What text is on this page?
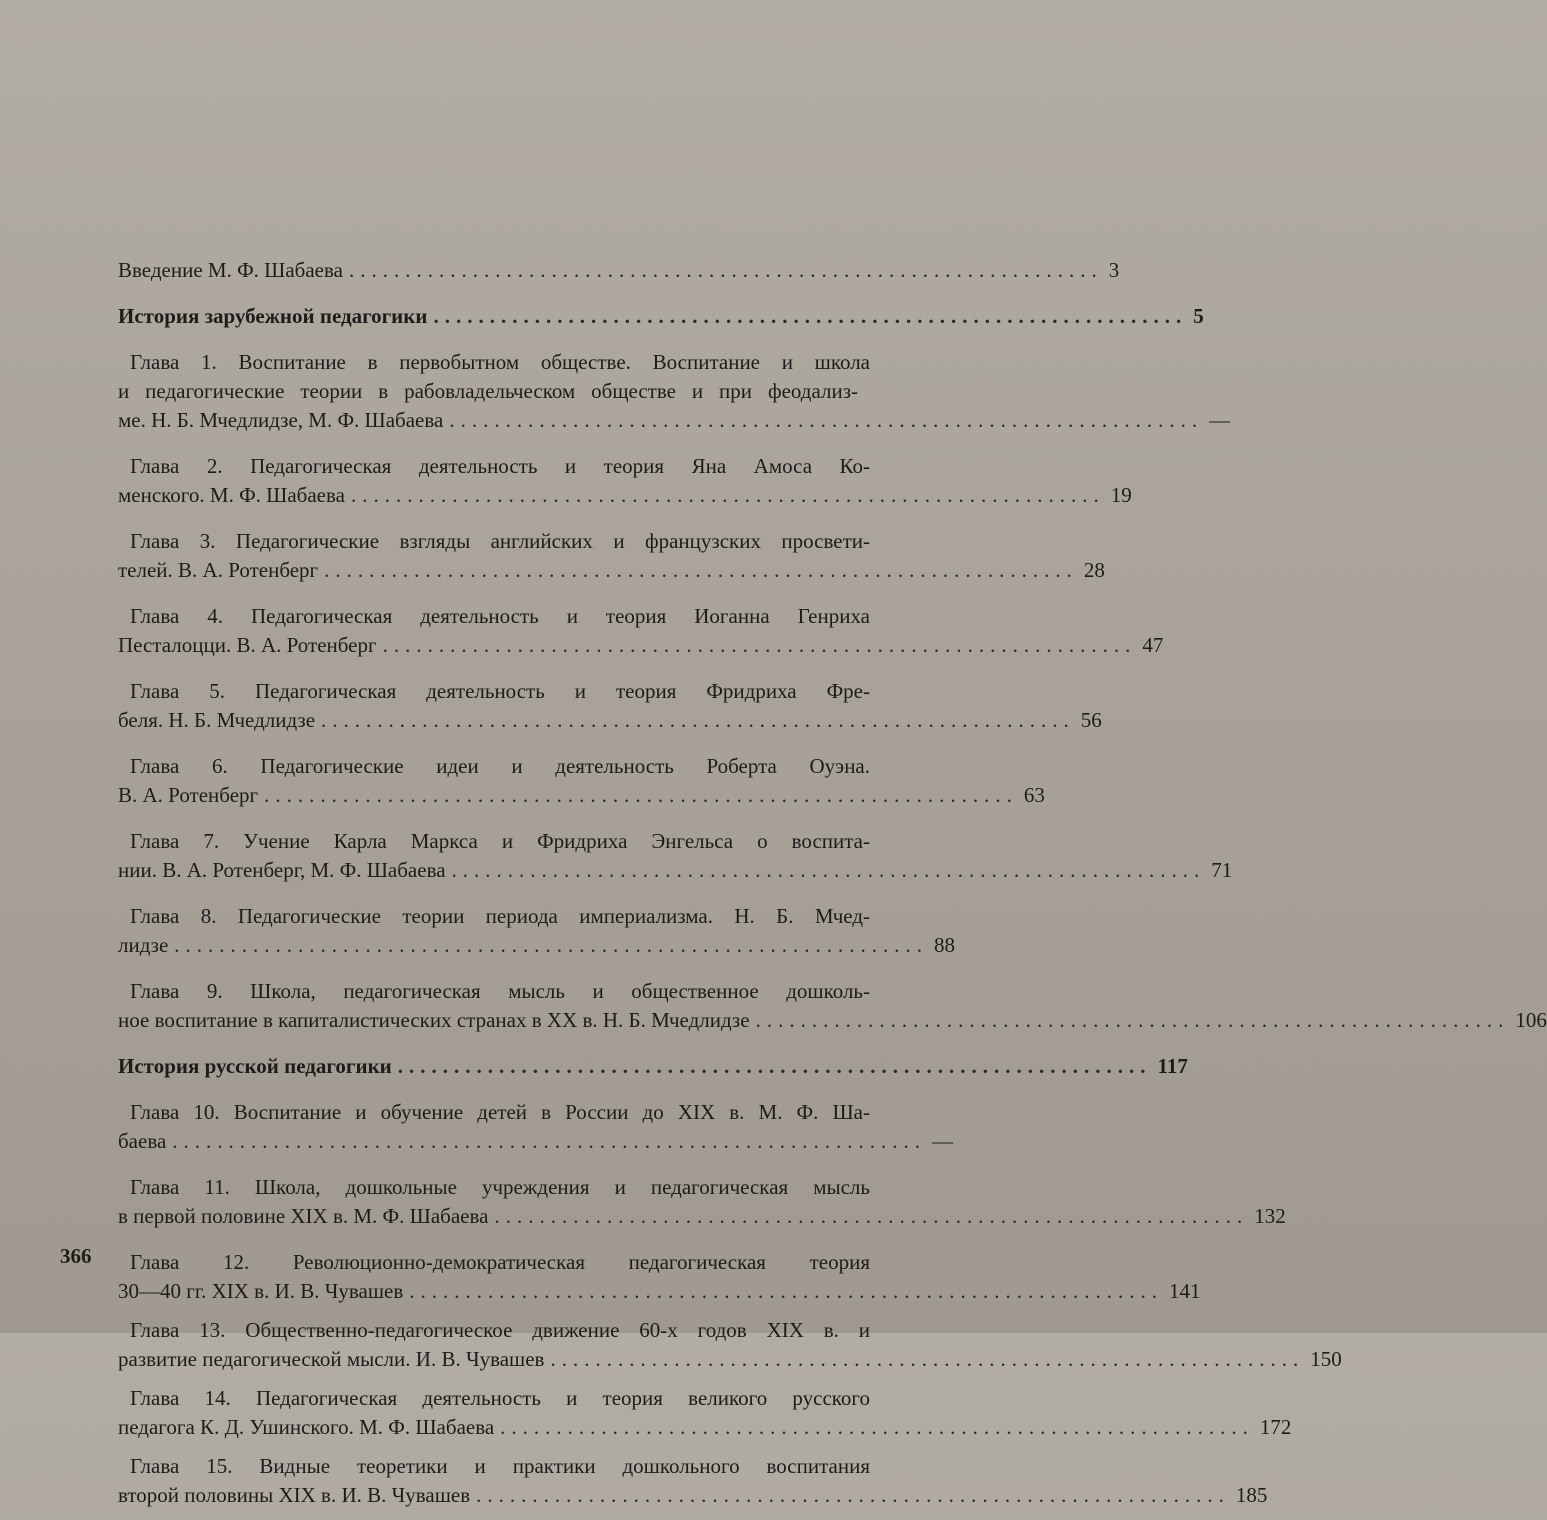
Введение М. Ф. Шабаева ................................................................... 3
История зарубежной педагогики ................................................................... 5
Глава 1. Воспитание в первобытном обществе. Воспитание и школа и педагогические теории в рабовладельческом обществе и при феодализ-
ме. Н. Б. Мчедлидзе, М. Ф. Шабаева ................................................................... —
Глава 2. Педагогическая деятельность и теория Яна Амоса Ко-
менского. М. Ф. Шабаева ................................................................... 19
Глава 3. Педагогические взгляды английских и французских просвети-
телей. В. А. Ротенберг ................................................................... 28
Глава 4. Педагогическая деятельность и теория Иоганна Генриха
Песталоцци. В. А. Ротенберг ................................................................... 47
Глава 5. Педагогическая деятельность и теория Фридриха Фре-
беля. Н. Б. Мчедлидзе ................................................................... 56
Глава 6. Педагогические идеи и деятельность Роберта Оуэна.
В. А. Ротенберг ................................................................... 63
Глава 7. Учение Карла Маркса и Фридриха Энгельса о воспита-
нии. В. А. Ротенберг, М. Ф. Шабаева ................................................................... 71
Глава 8. Педагогические теории периода империализма. Н. Б. Мчед-
лидзе ................................................................... 88
Глава 9. Школа, педагогическая мысль и общественное дошколь-
ное воспитание в капиталистических странах в XX в. Н. Б. Мчедлидзе ................................................................... 106
История русской педагогики ................................................................... 117
Глава 10. Воспитание и обучение детей в России до XIX в. М. Ф. Ша-
баева ................................................................... —
Глава 11. Школа, дошкольные учреждения и педагогическая мысль
в первой половине XIX в. М. Ф. Шабаева ................................................................... 132
Глава 12. Революционно-демократическая педагогическая теория
30—40 гг. XIX в. И. В. Чувашев ................................................................... 141
Глава 13. Общественно-педагогическое движение 60-х годов XIX в. и
развитие педагогической мысли. И. В. Чувашев ................................................................... 150
Глава 14. Педагогическая деятельность и теория великого русского
педагога К. Д. Ушинского. М. Ф. Шабаева ................................................................... 172
Глава 15. Видные теоретики и практики дошкольного воспитания
второй половины XIX в. И. В. Чувашев ................................................................... 185
366
